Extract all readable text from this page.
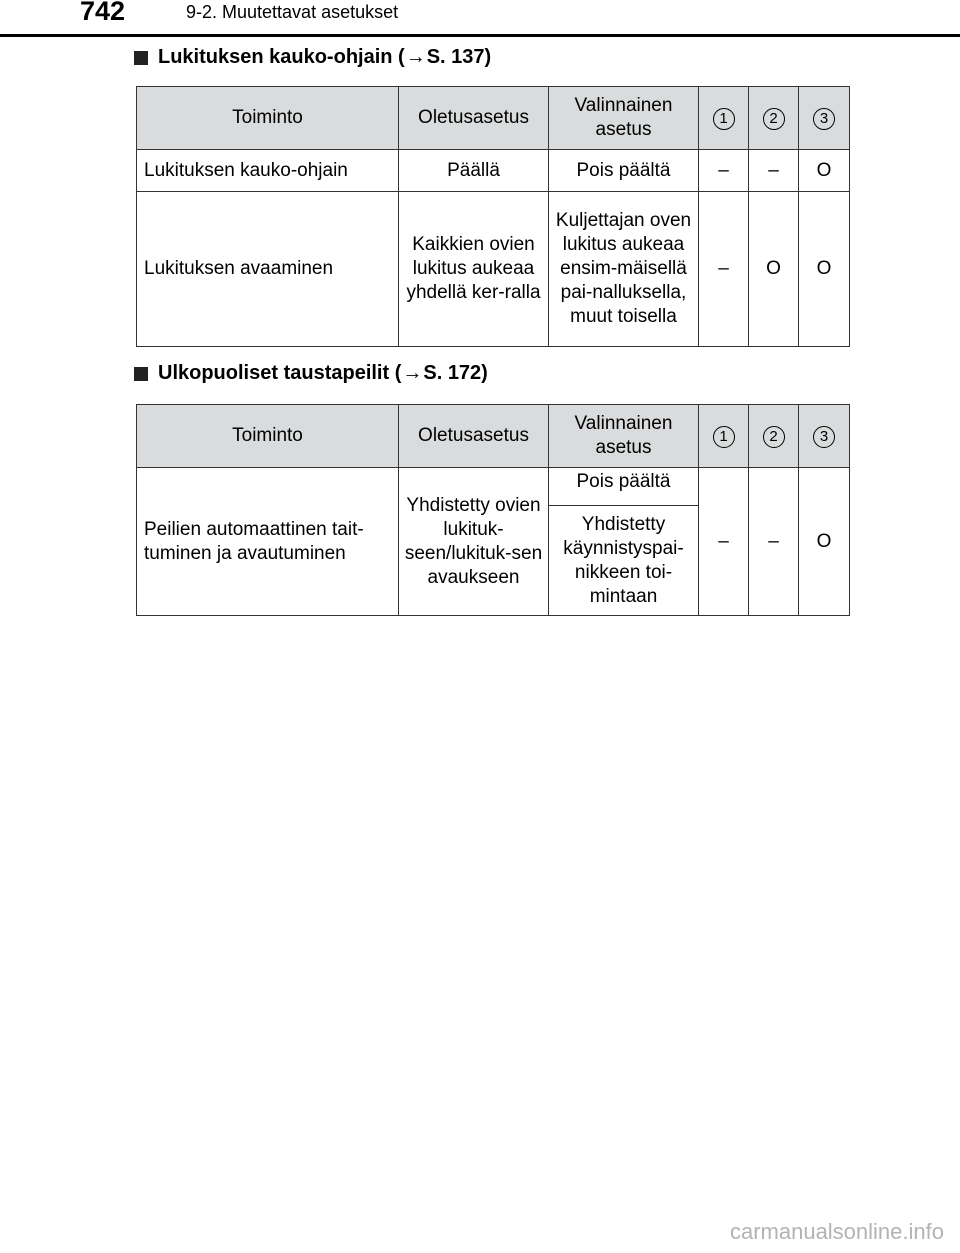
742	9-2. Muutettavat asetukset
Lukituksen kauko-ohjain ( → S. 137)
Toiminto	Oletusasetus	Valinnainen asetus	1	2	3
Lukituksen kauko-ohjain	Päällä	Pois päältä	–	–	O
Lukituksen avaaminen	Kaikkien ovien lukitus aukeaa yhdellä ker-ralla	Kuljettajan oven lukitus aukeaa ensim-mäisellä pai-nalluksella, muut toisella	–	O	O
Ulkopuoliset taustapeilit ( → S. 172)
Toiminto	Oletusasetus	Valinnainen asetus	1	2	3
Peilien automaattinen tait-tuminen ja avautuminen	Yhdistetty ovien lukituk-seen/lukituk-sen avaukseen	Pois päältä	–	–	O
		Yhdistetty käynnistyspai-nikkeen toi-mintaan			
carmanualsonline.info
